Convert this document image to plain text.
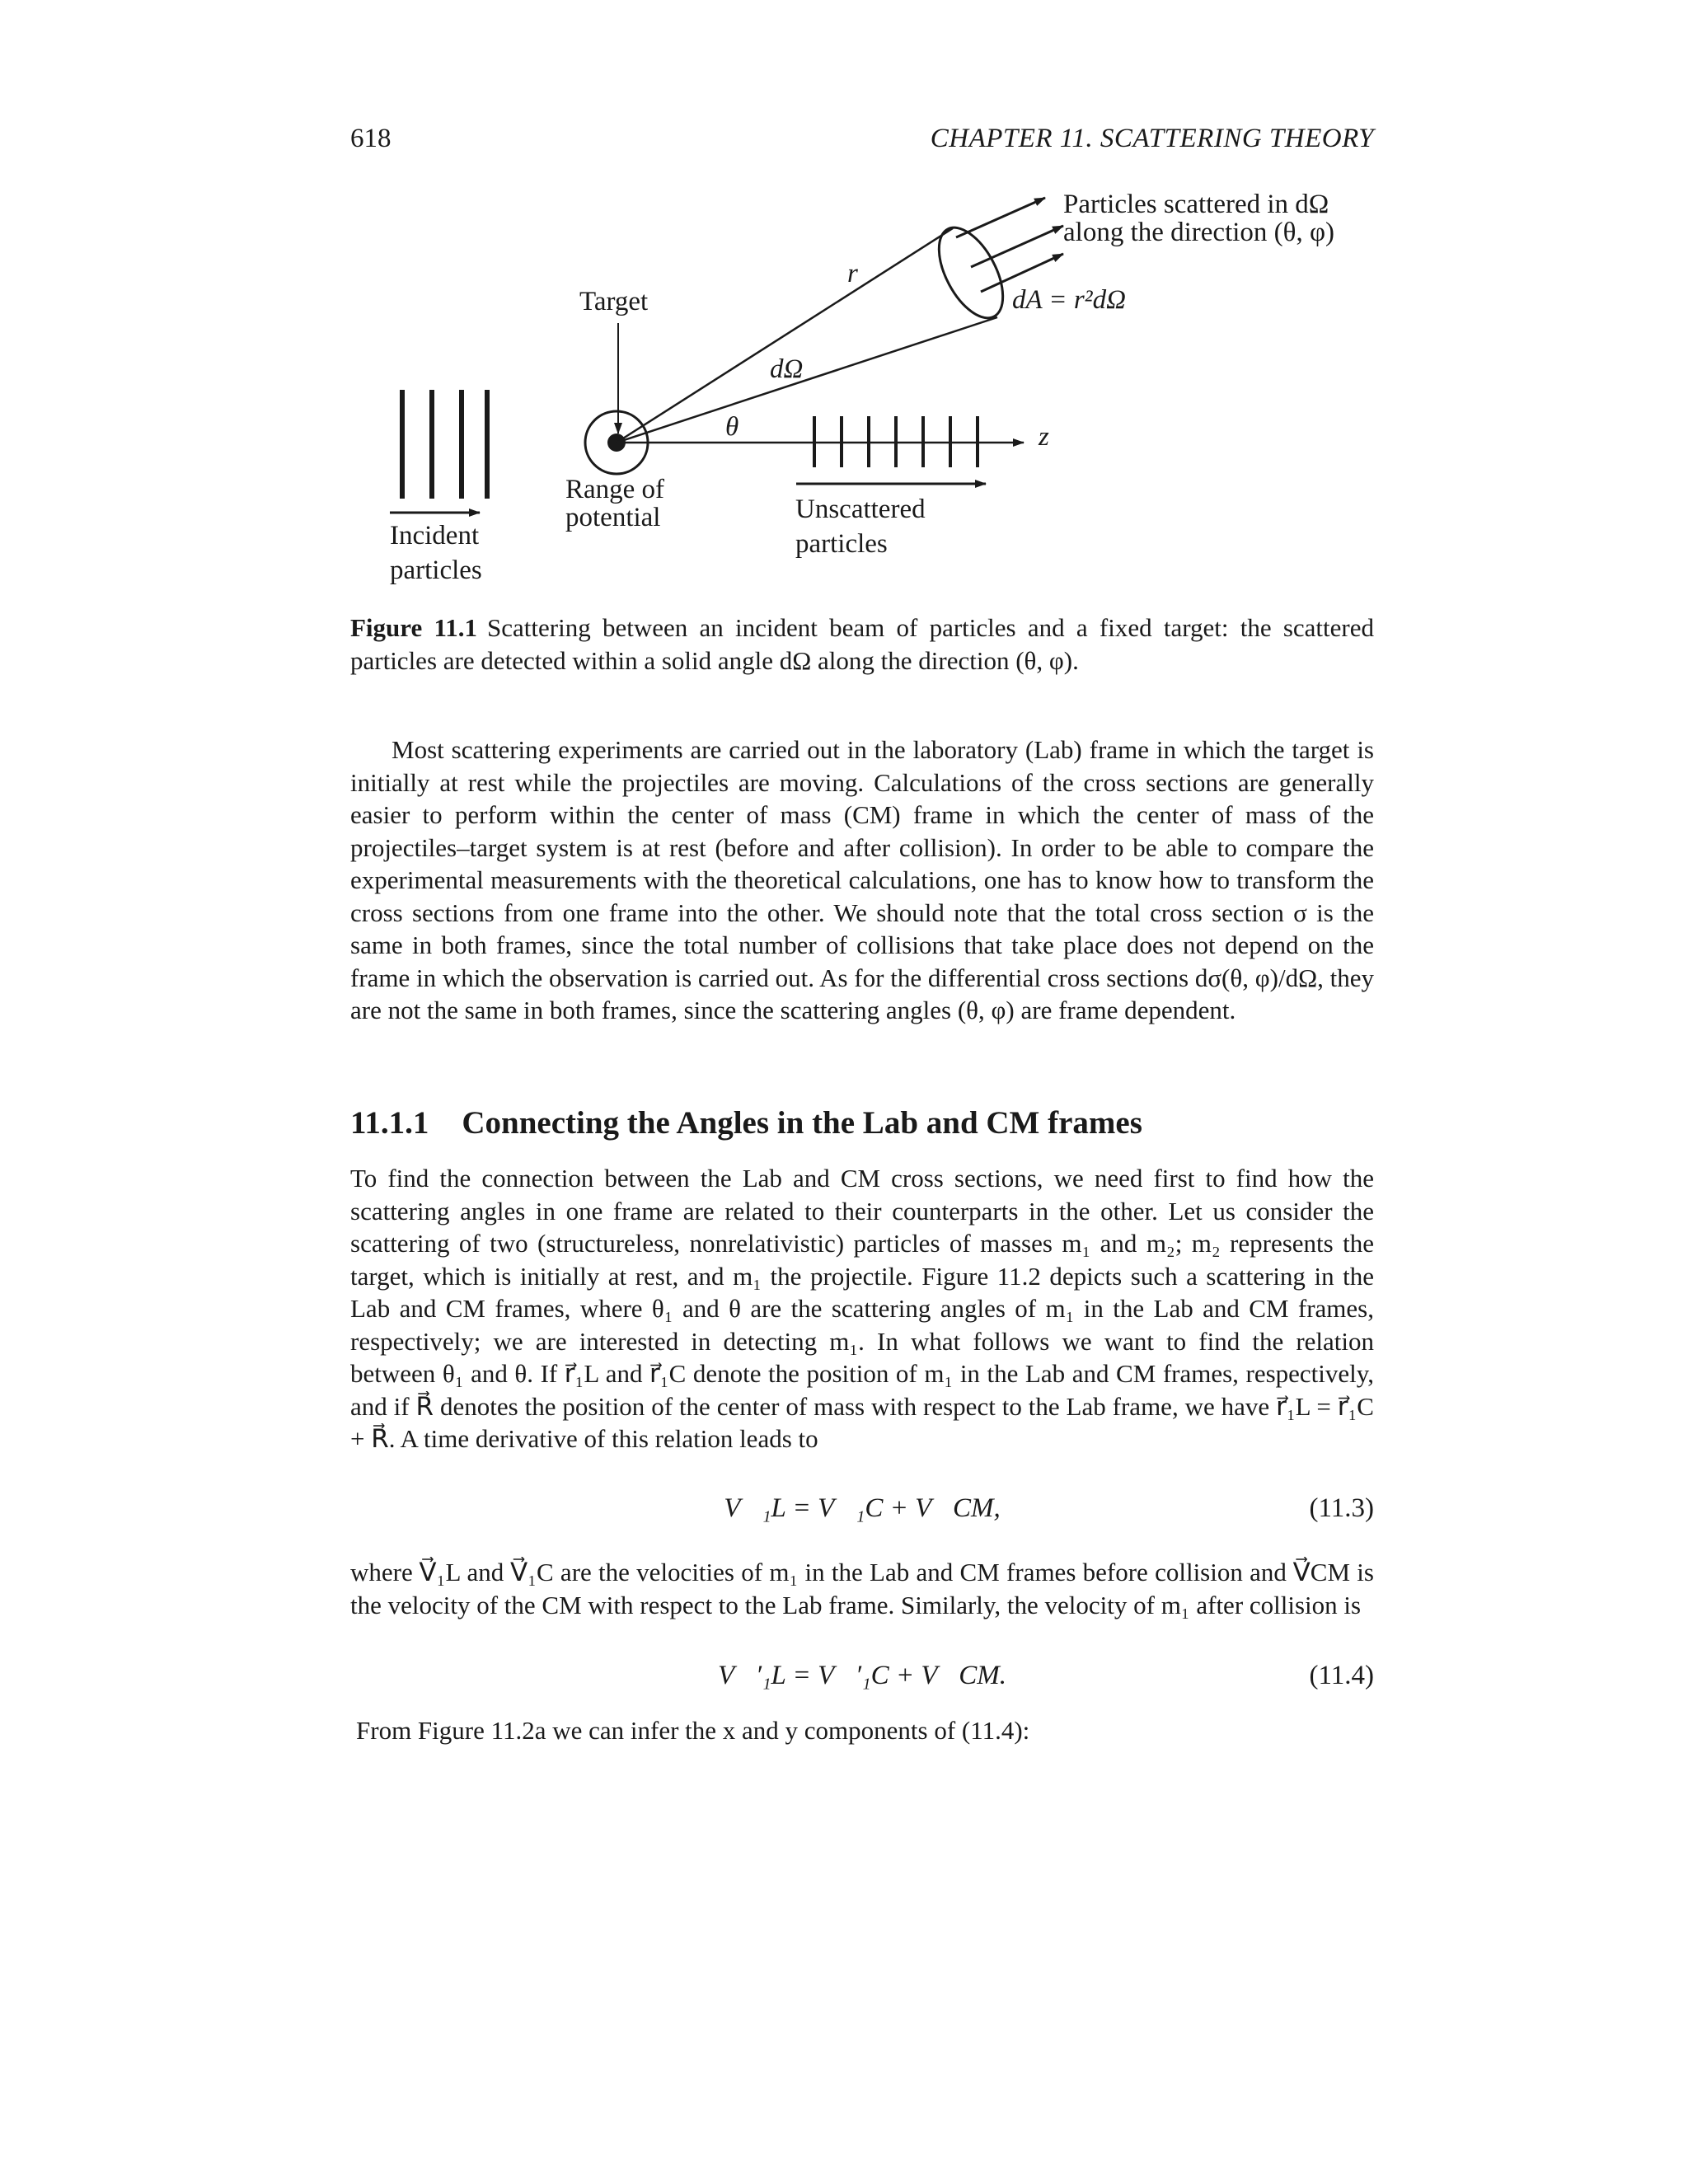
618	CHAPTER 11. SCATTERING THEORY
Particles scattered in dΩ
along the direction (θ, φ)
dA = r²dΩ
r
Target
dΩ
θ	z
Range of
potential
Incident
particles
Unscattered
particles
Figure 11.1 Scattering between an incident beam of particles and a fixed target: the scattered particles are detected within a solid angle dΩ along the direction (θ, φ).
Most scattering experiments are carried out in the laboratory (Lab) frame in which the target is initially at rest while the projectiles are moving. Calculations of the cross sections are generally easier to perform within the center of mass (CM) frame in which the center of mass of the projectiles–target system is at rest (before and after collision). In order to be able to compare the experimental measurements with the theoretical calculations, one has to know how to transform the cross sections from one frame into the other. We should note that the total cross section σ is the same in both frames, since the total number of collisions that take place does not depend on the frame in which the observation is carried out. As for the differential cross sections dσ(θ, φ)/dΩ, they are not the same in both frames, since the scattering angles (θ, φ) are frame dependent.
11.1.1 Connecting the Angles in the Lab and CM frames
To find the connection between the Lab and CM cross sections, we need first to find how the scattering angles in one frame are related to their counterparts in the other. Let us consider the scattering of two (structureless, nonrelativistic) particles of masses m₁ and m₂; m₂ represents the target, which is initially at rest, and m₁ the projectile. Figure 11.2 depicts such a scattering in the Lab and CM frames, where θ₁ and θ are the scattering angles of m₁ in the Lab and CM frames, respectively; we are interested in detecting m₁. In what follows we want to find the relation between θ₁ and θ. If r⃗₁L and r⃗₁C denote the position of m₁ in the Lab and CM frames, respectively, and if R⃗ denotes the position of the center of mass with respect to the Lab frame, we have r⃗₁L = r⃗₁C + R⃗. A time derivative of this relation leads to
V⃗₁L = V⃗₁C + V⃗CM,	(11.3)
where V⃗₁L and V⃗₁C are the velocities of m₁ in the Lab and CM frames before collision and V⃗CM is the velocity of the CM with respect to the Lab frame. Similarly, the velocity of m₁ after collision is
V⃗′₁L = V⃗′₁C + V⃗CM.	(11.4)
From Figure 11.2a we can infer the x and y components of (11.4):
